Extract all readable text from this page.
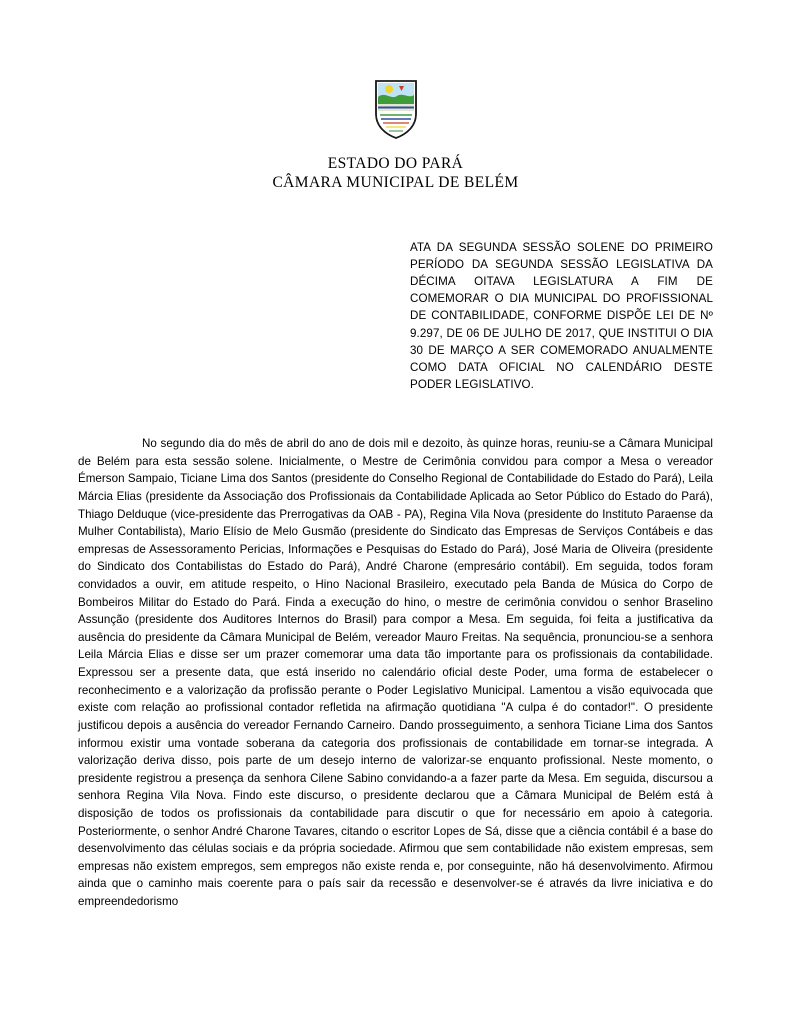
ESTADO DO PARÁ
CÂMARA MUNICIPAL DE BELÉM
ATA DA SEGUNDA SESSÃO SOLENE DO PRIMEIRO PERÍODO DA SEGUNDA SESSÃO LEGISLATIVA DA DÉCIMA OITAVA LEGISLATURA A FIM DE COMEMORAR O DIA MUNICIPAL DO PROFISSIONAL DE CONTABILIDADE, CONFORME DISPÕE LEI DE Nº 9.297, DE 06 DE JULHO DE 2017, QUE INSTITUI O DIA 30 DE MARÇO A SER COMEMORADO ANUALMENTE COMO DATA OFICIAL NO CALENDÁRIO DESTE PODER LEGISLATIVO.
No segundo dia do mês de abril do ano de dois mil e dezoito, às quinze horas, reuniu-se a Câmara Municipal de Belém para esta sessão solene. Inicialmente, o Mestre de Cerimônia convidou para compor a Mesa o vereador Émerson Sampaio, Ticiane Lima dos Santos (presidente do Conselho Regional de Contabilidade do Estado do Pará), Leila Márcia Elias (presidente da Associação dos Profissionais da Contabilidade Aplicada ao Setor Público do Estado do Pará), Thiago Delduque (vice-presidente das Prerrogativas da OAB - PA), Regina Vila Nova (presidente do Instituto Paraense da Mulher Contabilista), Mario Elísio de Melo Gusmão (presidente do Sindicato das Empresas de Serviços Contábeis e das empresas de Assessoramento Pericias, Informações e Pesquisas do Estado do Pará), José Maria de Oliveira (presidente do Sindicato dos Contabilistas do Estado do Pará), André Charone (empresário contábil). Em seguida, todos foram convidados a ouvir, em atitude respeito, o Hino Nacional Brasileiro, executado pela Banda de Música do Corpo de Bombeiros Militar do Estado do Pará. Finda a execução do hino, o mestre de cerimônia convidou o senhor Braselino Assunção (presidente dos Auditores Internos do Brasil) para compor a Mesa. Em seguida, foi feita a justificativa da ausência do presidente da Câmara Municipal de Belém, vereador Mauro Freitas. Na sequência, pronunciou-se a senhora Leila Márcia Elias e disse ser um prazer comemorar uma data tão importante para os profissionais da contabilidade. Expressou ser a presente data, que está inserido no calendário oficial deste Poder, uma forma de estabelecer o reconhecimento e a valorização da profissão perante o Poder Legislativo Municipal. Lamentou a visão equivocada que existe com relação ao profissional contador refletida na afirmação quotidiana "A culpa é do contador!". O presidente justificou depois a ausência do vereador Fernando Carneiro. Dando prosseguimento, a senhora Ticiane Lima dos Santos informou existir uma vontade soberana da categoria dos profissionais de contabilidade em tornar-se integrada. A valorização deriva disso, pois parte de um desejo interno de valorizar-se enquanto profissional. Neste momento, o presidente registrou a presença da senhora Cilene Sabino convidando-a a fazer parte da Mesa. Em seguida, discursou a senhora Regina Vila Nova. Findo este discurso, o presidente declarou que a Câmara Municipal de Belém está à disposição de todos os profissionais da contabilidade para discutir o que for necessário em apoio à categoria. Posteriormente, o senhor André Charone Tavares, citando o escritor Lopes de Sá, disse que a ciência contábil é a base do desenvolvimento das células sociais e da própria sociedade. Afirmou que sem contabilidade não existem empresas, sem empresas não existem empregos, sem empregos não existe renda e, por conseguinte, não há desenvolvimento. Afirmou ainda que o caminho mais coerente para o país sair da recessão e desenvolver-se é através da livre iniciativa e do empreendedorismo
